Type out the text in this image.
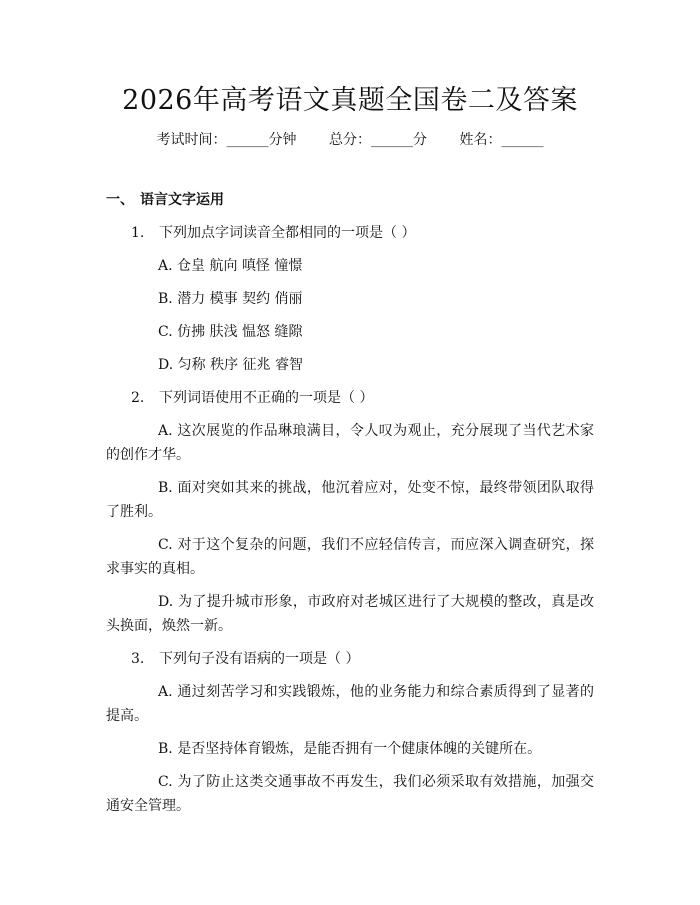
2026年高考语文真题全国卷二及答案
考试时间：______分钟 总分：______分 姓名：______
一、 语言文字运用
1. 下列加点字词读音全都相同的一项是（ ）
A. 仓皇 航向 嗔怪 憧憬
B. 潜力 模事 契约 俏丽
C. 仿拂 肤浅 愠怒 缝隙
D. 匀称 秩序 征兆 睿智
2. 下列词语使用不正确的一项是（ ）
A. 这次展览的作品琳琅满目，令人叹为观止，充分展现了当代艺术家的创作才华。
B. 面对突如其来的挑战，他沉着应对，处变不惊，最终带领团队取得了胜利。
C. 对于这个复杂的问题，我们不应轻信传言，而应深入调查研究，探求事实的真相。
D. 为了提升城市形象，市政府对老城区进行了大规模的整改，真是改头换面，焕然一新。
3. 下列句子没有语病的一项是（ ）
A. 通过刻苦学习和实践锻炼，他的业务能力和综合素质得到了显著的提高。
B. 是否坚持体育锻炼，是能否拥有一个健康体魄的关键所在。
C. 为了防止这类交通事故不再发生，我们必须采取有效措施，加强交通安全管理。
